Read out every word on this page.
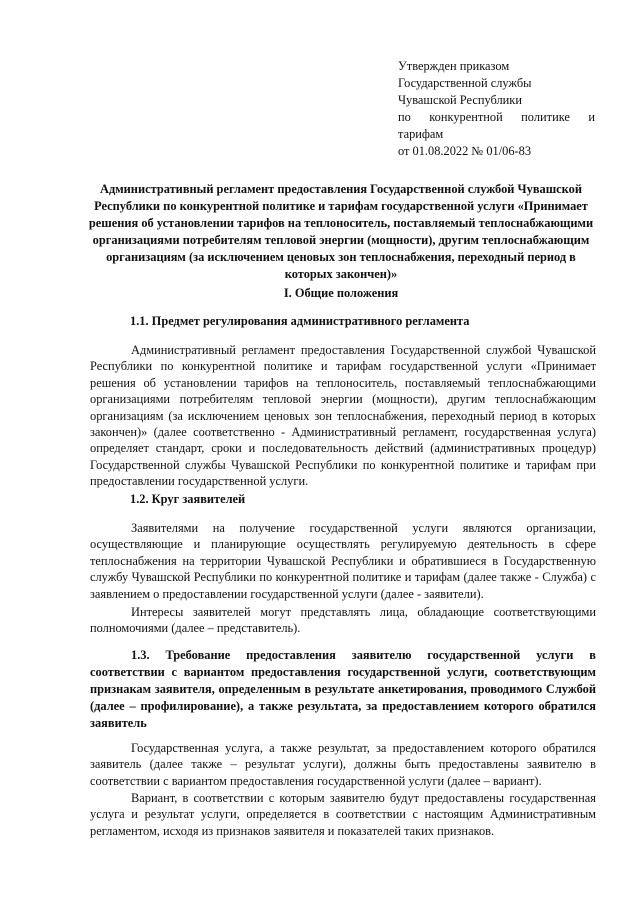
Утвержден приказом
Государственной службы
Чувашской Республики
по конкурентной политике и
тарифам
от 01.08.2022 № 01/06-83
Административный регламент предоставления Государственной службой Чувашской Республики по конкурентной политике и тарифам государственной услуги «Принимает решения об установлении тарифов на теплоноситель, поставляемый теплоснабжающими организациями потребителям тепловой энергии (мощности), другим теплоснабжающим организациям (за исключением ценовых зон теплоснабжения, переходный период в которых закончен)»
I. Общие положения
1.1. Предмет регулирования административного регламента

Административный регламент предоставления Государственной службой Чувашской Республики по конкурентной политике и тарифам государственной услуги «Принимает решения об установлении тарифов на теплоноситель, поставляемый теплоснабжающими организациями потребителям тепловой энергии (мощности), другим теплоснабжающим организациям (за исключением ценовых зон теплоснабжения, переходный период в которых закончен)» (далее соответственно - Административный регламент, государственная услуга) определяет стандарт, сроки и последовательность действий (административных процедур) Государственной службы Чувашской Республики по конкурентной политике и тарифам при предоставлении государственной услуги.

1.2. Круг заявителей

Заявителями на получение государственной услуги являются организации, осуществляющие и планирующие осуществлять регулируемую деятельность в сфере теплоснабжения на территории Чувашской Республики и обратившиеся в Государственную службу Чувашской Республики по конкурентной политике и тарифам (далее также - Служба) с заявлением о предоставлении государственной услуги (далее - заявители).

Интересы заявителей могут представлять лица, обладающие соответствующими полномочиями (далее – представитель).

1.3. Требование предоставления заявителю государственной услуги в соответствии с вариантом предоставления государственной услуги, соответствующим признакам заявителя, определенным в результате анкетирования, проводимого Службой (далее – профилирование), а также результата, за предоставлением которого обратился заявитель

Государственная услуга, а также результат, за предоставлением которого обратился заявитель (далее также – результат услуги), должны быть предоставлены заявителю в соответствии с вариантом предоставления государственной услуги (далее – вариант).

Вариант, в соответствии с которым заявителю будут предоставлены государственная услуга и результат услуги, определяется в соответствии с настоящим Административным регламентом, исходя из признаков заявителя и показателей таких признаков.
